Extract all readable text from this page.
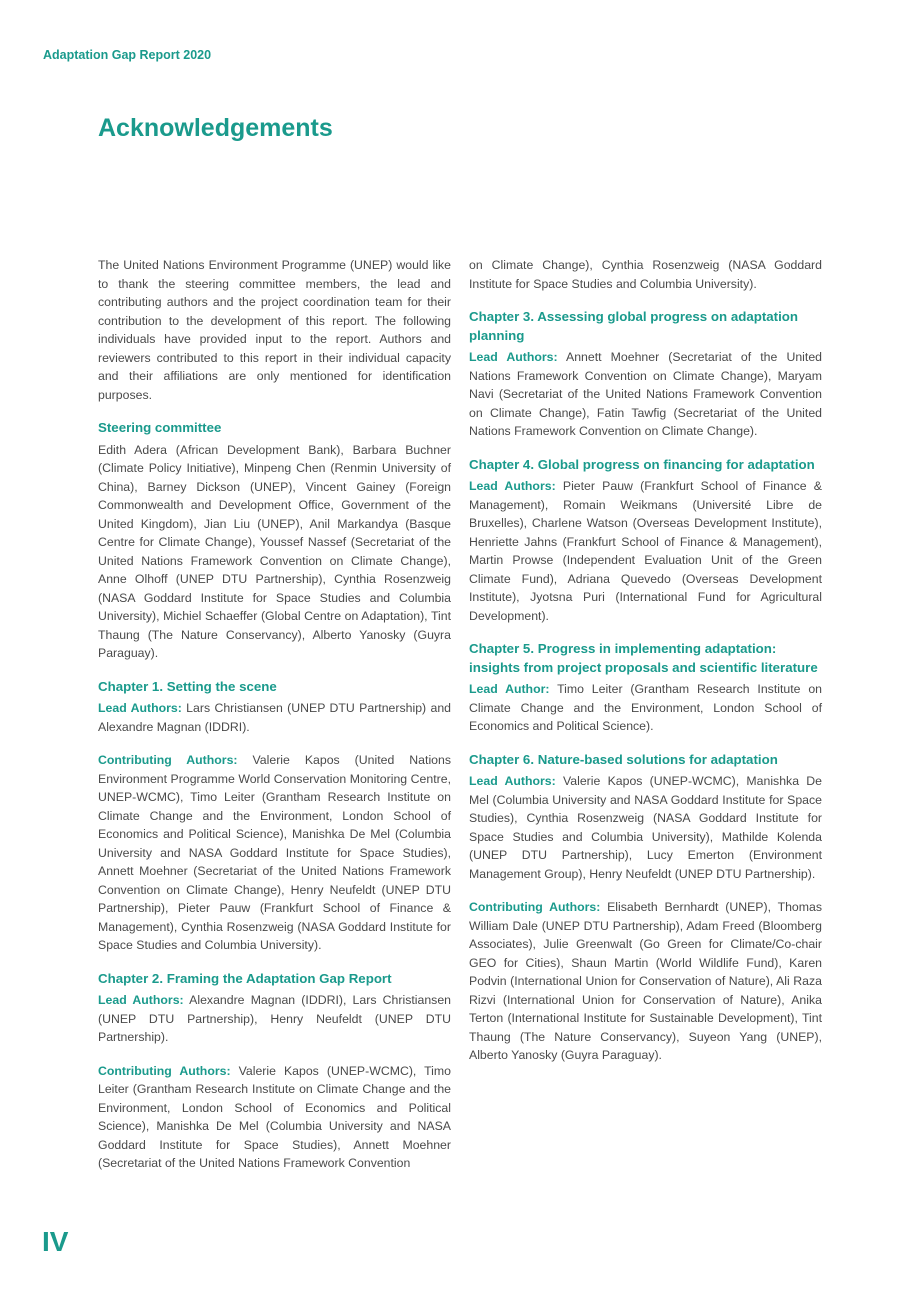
Adaptation Gap Report 2020
Acknowledgements

The United Nations Environment Programme (UNEP) would like to thank the steering committee members, the lead and contributing authors and the project coordination team for their contribution to the development of this report. The following individuals have provided input to the report. Authors and reviewers contributed to this report in their individual capacity and their affiliations are only mentioned for identification purposes.

Steering committee

Edith Adera (African Development Bank), Barbara Buchner (Climate Policy Initiative), Minpeng Chen (Renmin University of China), Barney Dickson (UNEP), Vincent Gainey (Foreign Commonwealth and Development Office, Government of the United Kingdom), Jian Liu (UNEP), Anil Markandya (Basque Centre for Climate Change), Youssef Nassef (Secretariat of the United Nations Framework Convention on Climate Change), Anne Olhoff (UNEP DTU Partnership), Cynthia Rosenzweig (NASA Goddard Institute for Space Studies and Columbia University), Michiel Schaeffer (Global Centre on Adaptation), Tint Thaung (The Nature Conservancy), Alberto Yanosky (Guyra Paraguay).

Chapter 1. Setting the scene

Lead Authors: Lars Christiansen (UNEP DTU Partnership) and Alexandre Magnan (IDDRI).

Contributing Authors: Valerie Kapos (United Nations Environment Programme World Conservation Monitoring Centre, UNEP-WCMC), Timo Leiter (Grantham Research Institute on Climate Change and the Environment, London School of Economics and Political Science), Manishka De Mel (Columbia University and NASA Goddard Institute for Space Studies), Annett Moehner (Secretariat of the United Nations Framework Convention on Climate Change), Henry Neufeldt (UNEP DTU Partnership), Pieter Pauw (Frankfurt School of Finance & Management), Cynthia Rosenzweig (NASA Goddard Institute for Space Studies and Columbia University).

Chapter 2. Framing the Adaptation Gap Report

Lead Authors: Alexandre Magnan (IDDRI), Lars Christiansen (UNEP DTU Partnership), Henry Neufeldt (UNEP DTU Partnership).

Contributing Authors: Valerie Kapos (UNEP-WCMC), Timo Leiter (Grantham Research Institute on Climate Change and the Environment, London School of Economics and Political Science), Manishka De Mel (Columbia University and NASA Goddard Institute for Space Studies), Annett Moehner (Secretariat of the United Nations Framework Convention

on Climate Change), Cynthia Rosenzweig (NASA Goddard Institute for Space Studies and Columbia University).

Chapter 3. Assessing global progress on adaptation planning

Lead Authors: Annett Moehner (Secretariat of the United Nations Framework Convention on Climate Change), Maryam Navi (Secretariat of the United Nations Framework Convention on Climate Change), Fatin Tawfig (Secretariat of the United Nations Framework Convention on Climate Change).

Chapter 4. Global progress on financing for adaptation

Lead Authors: Pieter Pauw (Frankfurt School of Finance & Management), Romain Weikmans (Université Libre de Bruxelles), Charlene Watson (Overseas Development Institute), Henriette Jahns (Frankfurt School of Finance & Management), Martin Prowse (Independent Evaluation Unit of the Green Climate Fund), Adriana Quevedo (Overseas Development Institute), Jyotsna Puri (International Fund for Agricultural Development).

Chapter 5. Progress in implementing adaptation: insights from project proposals and scientific literature

Lead Author: Timo Leiter (Grantham Research Institute on Climate Change and the Environment, London School of Economics and Political Science).

Chapter 6. Nature-based solutions for adaptation

Lead Authors: Valerie Kapos (UNEP-WCMC), Manishka De Mel (Columbia University and NASA Goddard Institute for Space Studies), Cynthia Rosenzweig (NASA Goddard Institute for Space Studies and Columbia University), Mathilde Kolenda (UNEP DTU Partnership), Lucy Emerton (Environment Management Group), Henry Neufeldt (UNEP DTU Partnership).

Contributing Authors: Elisabeth Bernhardt (UNEP), Thomas William Dale (UNEP DTU Partnership), Adam Freed (Bloomberg Associates), Julie Greenwalt (Go Green for Climate/Co-chair GEO for Cities), Shaun Martin (World Wildlife Fund), Karen Podvin (International Union for Conservation of Nature), Ali Raza Rizvi (International Union for Conservation of Nature), Anika Terton (International Institute for Sustainable Development), Tint Thaung (The Nature Conservancy), Suyeon Yang (UNEP), Alberto Yanosky (Guyra Paraguay).

IV
